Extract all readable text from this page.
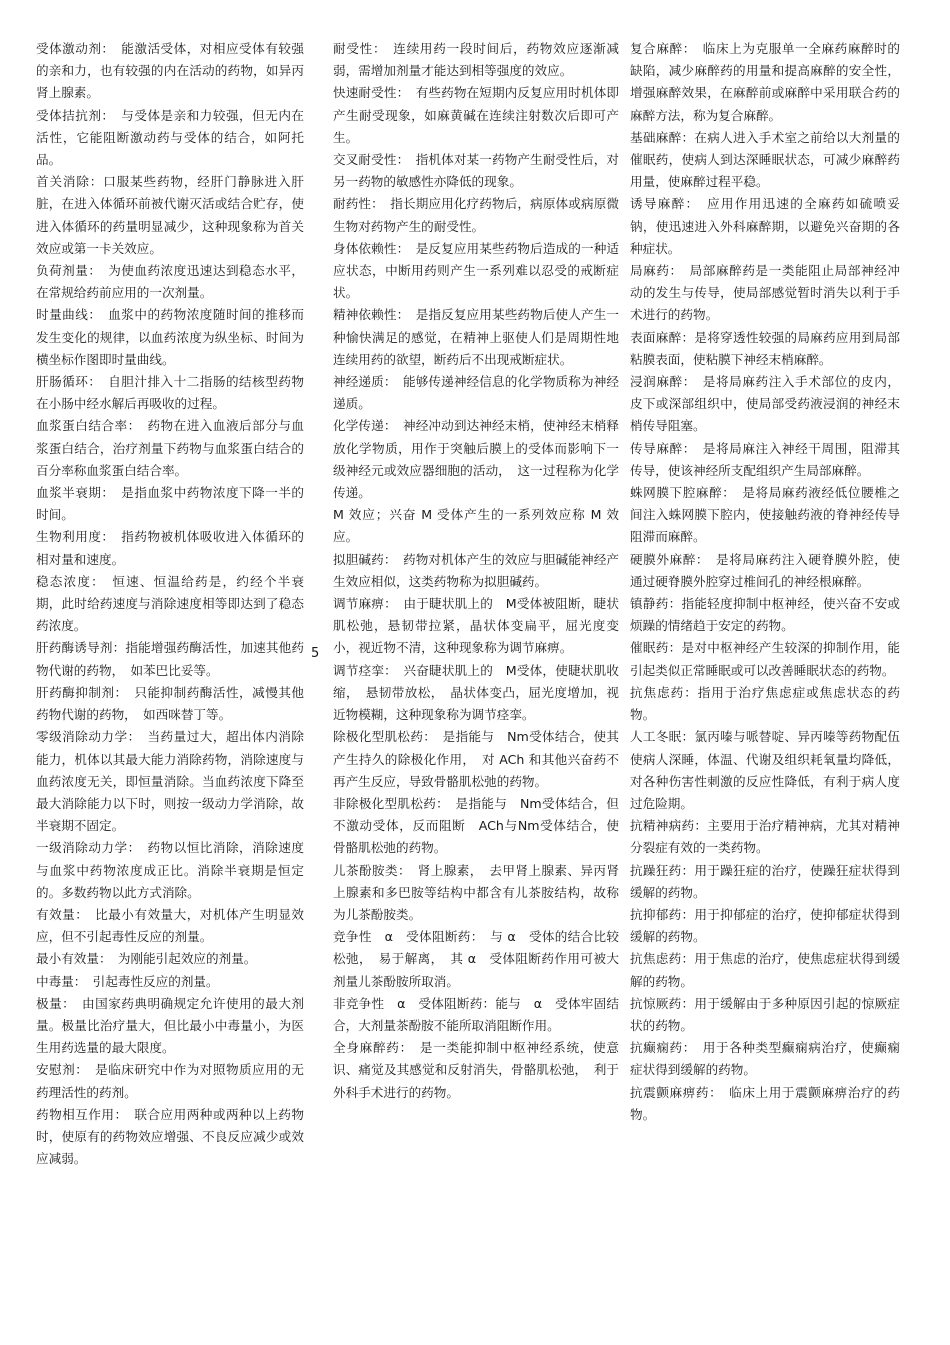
受体激动剂：　能激活受体，对相应受体有较强的亲和力，也有较强的内在活动的药物，如异丙肾上腺素。

受体拮抗剂：　与受体是亲和力较强，但无内在活性，它能阻断激动药与受体的结合，如阿托品。

首关消除：口服某些药物，经肝门静脉进入肝脏，在进入体循环前被代谢灭活或结合贮存，使进入体循环的药量明显减少，这种现象称为首关效应或第一卡关效应。

负荷剂量：　为使血药浓度迅速达到稳态水平，在常规给药前应用的一次剂量。

时量曲线：　血浆中的药物浓度随时间的推移而发生变化的规律，以血药浓度为纵坐标、时间为横坐标作图即时量曲线。

肝肠循环：　自胆汁排入十二指肠的结核型药物在小肠中经水解后再吸收的过程。

血浆蛋白结合率：　药物在进入血液后部分与血浆蛋白结合，治疗剂量下药物与血浆蛋白结合的百分率称血浆蛋白结合率。

血浆半衰期：　是指血浆中药物浓度下降一半的时间。

生物利用度：　指药物被机体吸收进入体循环的相对量和速度。

稳态浓度：　恒速、恒温给药是，约经个半衰期，此时给药速度与消除速度相等即达到了稳态药浓度。

肝药酶诱导剂：指能增强药酶活性，加速其他药物代谢的药物，　如苯巴比妥等。

肝药酶抑制剂：　只能抑制药酶活性，减慢其他药物代谢的药物，　如西咪替丁等。

零级消除动力学：　当药量过大，超出体内消除能力，机体以其最大能力消除药物，消除速度与血药浓度无关，即恒量消除。当血药浓度下降至最大消除能力以下时，则按一级动力学消除，故半衰期不固定。

一级消除动力学：　药物以恒比消除，消除速度与血浆中药物浓度成正比。消除半衰期是恒定的。多数药物以此方式消除。

有效量：　比最小有效量大，对机体产生明显效应，但不引起毒性反应的剂量。

最小有效量：　为刚能引起效应的剂量。

中毒量：　引起毒性反应的剂量。

极量：　由国家药典明确规定允许使用的最大剂量。极量比治疗量大，但比最小中毒量小，为医生用药选量的最大限度。

安慰剂：　是临床研究中作为对照物质应用的无药理活性的药剂。

药物相互作用：　联合应用两种或两种以上药物时，使原有的药物效应增强、不良反应减少或效应减弱。

耐受性：　连续用药一段时间后，药物效应逐渐减弱，需增加剂量才能达到相等强度的效应。

快速耐受性：　有些药物在短期内反复应用时机体即产生耐受现象，如麻黄碱在连续注射数次后即可产生。

交叉耐受性：　指机体对某一药物产生耐受性后，对另一药物的敏感性亦降低的现象。

耐药性：　指长期应用化疗药物后，病原体或病原微生物对药物产生的耐受性。

身体依赖性：　是反复应用某些药物后造成的一种适应状态，中断用药则产生一系列难以忍受的戒断症状。

精神依赖性：　是指反复应用某些药物后使人产生一种愉快满足的感觉，在精神上驱使人们是周期性地连续用药的欲望，断药后不出现戒断症状。

神经递质：　能够传递神经信息的化学物质称为神经递质。

化学传递：　神经冲动到达神经末梢，使神经末梢释放化学物质，用作于突触后膜上的受体而影响下一级神经元或效应器细胞的活动，　这一过程称为化学传递。

M 效应；兴奋 M 受体产生的一系列效应称 M 效应。

拟胆碱药：　药物对机体产生的效应与胆碱能神经产生效应相似，这类药物称为拟胆碱药。

调节麻痹：　由于睫状肌上的　M受体被阻断，睫状肌松弛，悬韧带拉紧，晶状体变扁平，屈光度变小，视近物不清，这种现象称为调节麻痹。

调节痉挛：　兴奋睫状肌上的　M受体，使睫状肌收缩，　悬韧带放松，　晶状体变凸，屈光度增加，视近物模糊，这种现象称为调节痉挛。

除极化型肌松药：　是指能与　Nm受体结合，使其产生持久的除极化作用，　对 ACh 和其他兴奋药不再产生反应，导致骨骼肌松弛的药物。

非除极化型肌松药：　是指能与　Nm受体结合，但不激动受体，反而阻断　ACh与Nm受体结合，使骨骼肌松弛的药物。

儿茶酚胺类：　肾上腺素，　去甲肾上腺素、异丙肾上腺素和多巴胺等结构中都含有儿茶胺结构，故称为儿茶酚胺类。

竞争性　α　受体阻断药：　与 α　受体的结合比较松弛，　易于解离，　其 α　受体阻断药作用可被大剂量儿茶酚胺所取消。

非竞争性　α　受体阻断药：能与　α　受体牢固结合，大剂量茶酚胺不能所取消阻断作用。

全身麻醉药：　是一类能抑制中枢神经系统，使意识、痛觉及其感觉和反射消失，骨骼肌松弛，　利于外科手术进行的药物。

复合麻醉：　临床上为克服单一全麻药麻醉时的缺陷，减少麻醉药的用量和提高麻醉的安全性，增强麻醉效果，在麻醉前或麻醉中采用联合药的麻醉方法，称为复合麻醉。

基础麻醉：在病人进入手术室之前给以大剂量的催眠药，使病人到达深睡眠状态，可减少麻醉药用量，使麻醉过程平稳。

诱导麻醉：　应用作用迅速的全麻药如硫喷妥钠，使迅速进入外科麻醉期，以避免兴奋期的各种症状。

局麻药：　局部麻醉药是一类能阻止局部神经冲动的发生与传导，使局部感觉暂时消失以利于手术进行的药物。

表面麻醉：是将穿透性较强的局麻药应用到局部粘膜表面，使粘膜下神经末梢麻醉。

浸润麻醉：　是将局麻药注入手术部位的皮内，皮下或深部组织中，使局部受药液浸润的神经末梢传导阻塞。

传导麻醉：　是将局麻注入神经干周围，阻滞其传导，使该神经所支配组织产生局部麻醉。

蛛网膜下腔麻醉：　是将局麻药液经低位腰椎之间注入蛛网膜下腔内，使接触药液的脊神经传导阻滞而麻醉。

硬膜外麻醉：　是将局麻药注入硬脊膜外腔，使通过硬脊膜外腔穿过椎间孔的神经根麻醉。

镇静药：指能轻度抑制中枢神经，使兴奋不安或烦躁的情绪趋于安定的药物。

催眠药：是对中枢神经产生较深的抑制作用，能引起类似正常睡眠或可以改善睡眠状态的药物。

抗焦虑药：指用于治疗焦虑症或焦虑状态的药物。

人工冬眠：氯丙嗪与哌替啶、异丙嗪等药物配伍使病人深睡，体温、代谢及组织耗氧量均降低，对各种伤害性刺激的反应性降低，有利于病人度过危险期。

抗精神病药：主要用于治疗精神病，尤其对精神分裂症有效的一类药物。

抗躁狂药：用于躁狂症的治疗，使躁狂症状得到缓解的药物。

抗抑郁药：用于抑郁症的治疗，使抑郁症状得到缓解的药物。

抗焦虑药：用于焦虑的治疗，使焦虑症状得到缓解的药物。

抗惊厥药：用于缓解由于多种原因引起的惊厥症状的药物。

抗癫痫药：　用于各种类型癫痫病治疗，使癫痫症状得到缓解的药物。

抗震颤麻痹药：　临床上用于震颤麻痹治疗的药物。

5
